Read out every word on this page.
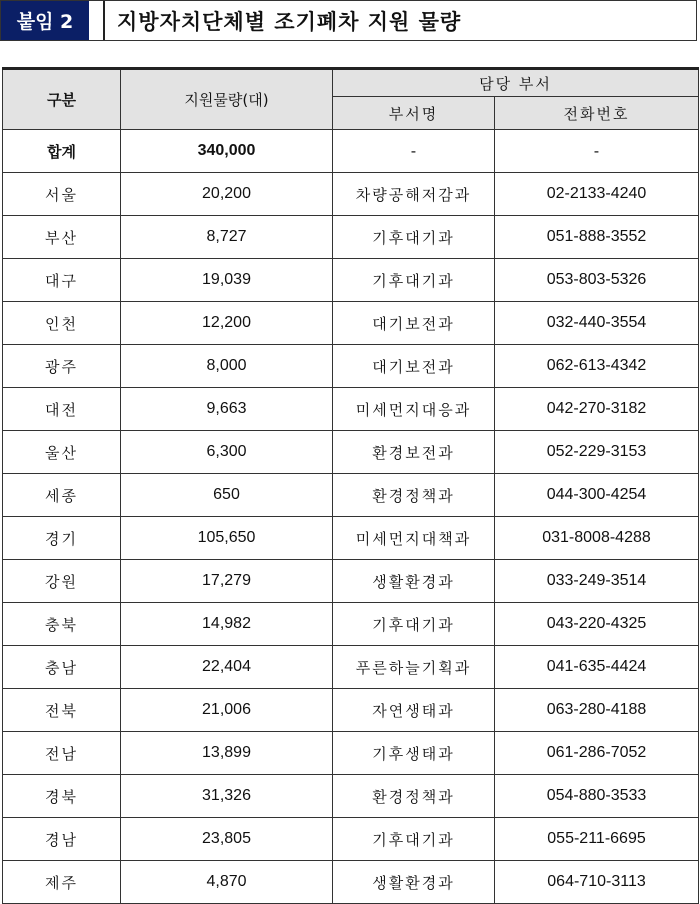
붙임 2	지방자치단체별 조기폐차 지원 물량
구분	지원물량(대)	담당 부서	
		부서명	전화번호
합계	340,000	-	-
서울	20,200	차량공해저감과	02-2133-4240
부산	8,727	기후대기과	051-888-3552
대구	19,039	기후대기과	053-803-5326
인천	12,200	대기보전과	032-440-3554
광주	8,000	대기보전과	062-613-4342
대전	9,663	미세먼지대응과	042-270-3182
울산	6,300	환경보전과	052-229-3153
세종	650	환경정책과	044-300-4254
경기	105,650	미세먼지대책과	031-8008-4288
강원	17,279	생활환경과	033-249-3514
충북	14,982	기후대기과	043-220-4325
충남	22,404	푸른하늘기획과	041-635-4424
전북	21,006	자연생태과	063-280-4188
전남	13,899	기후생태과	061-286-7052
경북	31,326	환경정책과	054-880-3533
경남	23,805	기후대기과	055-211-6695
제주	4,870	생활환경과	064-710-3113
